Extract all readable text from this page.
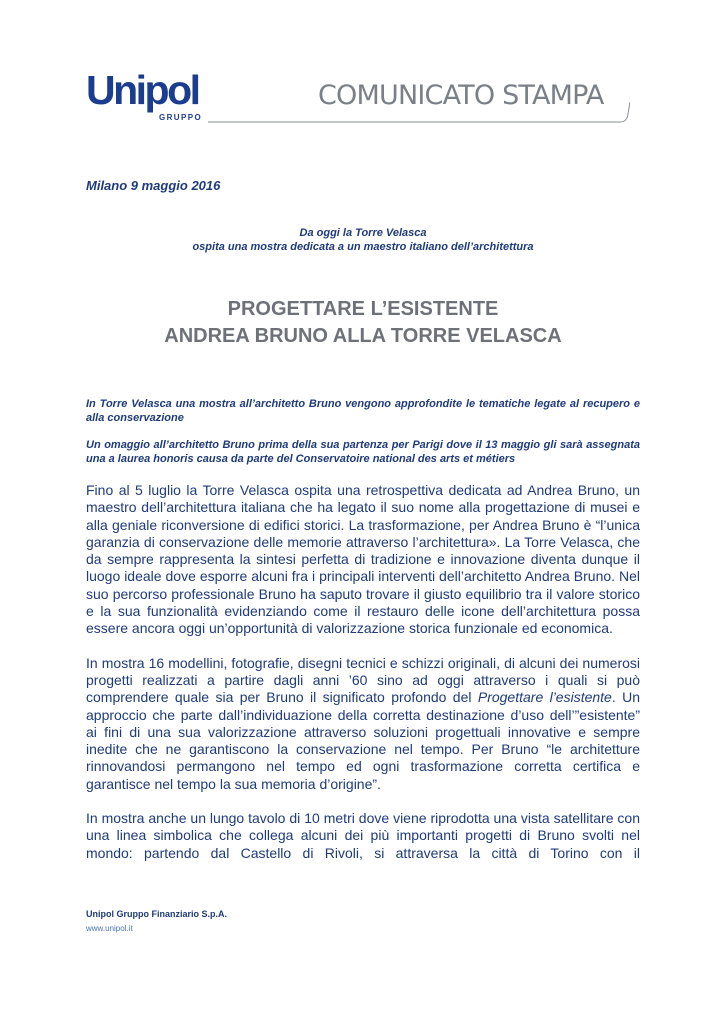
Unipol
GRUPPO
COMUNICATO STAMPA
Milano 9 maggio 2016
Da oggi la Torre Velasca
ospita una mostra dedicata a un maestro italiano dell’architettura
PROGETTARE L’ESISTENTE
ANDREA BRUNO ALLA TORRE VELASCA
In Torre Velasca una mostra all’architetto Bruno vengono approfondite le tematiche legate al recupero e alla conservazione
Un omaggio all’architetto Bruno prima della sua partenza per Parigi dove il 13 maggio gli sarà assegnata una a laurea honoris causa da parte del Conservatoire national des arts et métiers

Fino al 5 luglio la Torre Velasca ospita una retrospettiva dedicata ad Andrea Bruno, un maestro dell’architettura italiana che ha legato il suo nome alla progettazione di musei e alla geniale riconversione di edifici storici. La trasformazione, per Andrea Bruno è “l’unica garanzia di conservazione delle memorie attraverso l’architettura». La Torre Velasca, che da sempre rappresenta la sintesi perfetta di tradizione e innovazione diventa dunque il luogo ideale dove esporre alcuni fra i principali interventi dell’architetto Andrea Bruno. Nel suo percorso professionale Bruno ha saputo trovare il giusto equilibrio tra il valore storico e la sua funzionalità evidenziando come il restauro delle icone dell’architettura possa essere ancora oggi un’opportunità di valorizzazione storica funzionale ed economica.

In mostra 16 modellini, fotografie, disegni tecnici e schizzi originali, di alcuni dei numerosi progetti realizzati a partire dagli anni ’60 sino ad oggi attraverso i quali si può comprendere quale sia per Bruno il significato profondo del Progettare l’esistente. Un approccio che parte dall’individuazione della corretta destinazione d’uso dell’”esistente” ai fini di una sua valorizzazione attraverso soluzioni progettuali innovative e sempre inedite che ne garantiscono la conservazione nel tempo. Per Bruno “le architetture rinnovandosi permangono nel tempo ed ogni trasformazione corretta certifica e garantisce nel tempo la sua memoria d’origine”.

In mostra anche un lungo tavolo di 10 metri dove viene riprodotta una vista satellitare con una linea simbolica che collega alcuni dei più importanti progetti di Bruno svolti nel mondo: partendo dal Castello di Rivoli, si attraversa la città di Torino con il

Unipol Gruppo Finanziario S.p.A.
www.unipol.it
